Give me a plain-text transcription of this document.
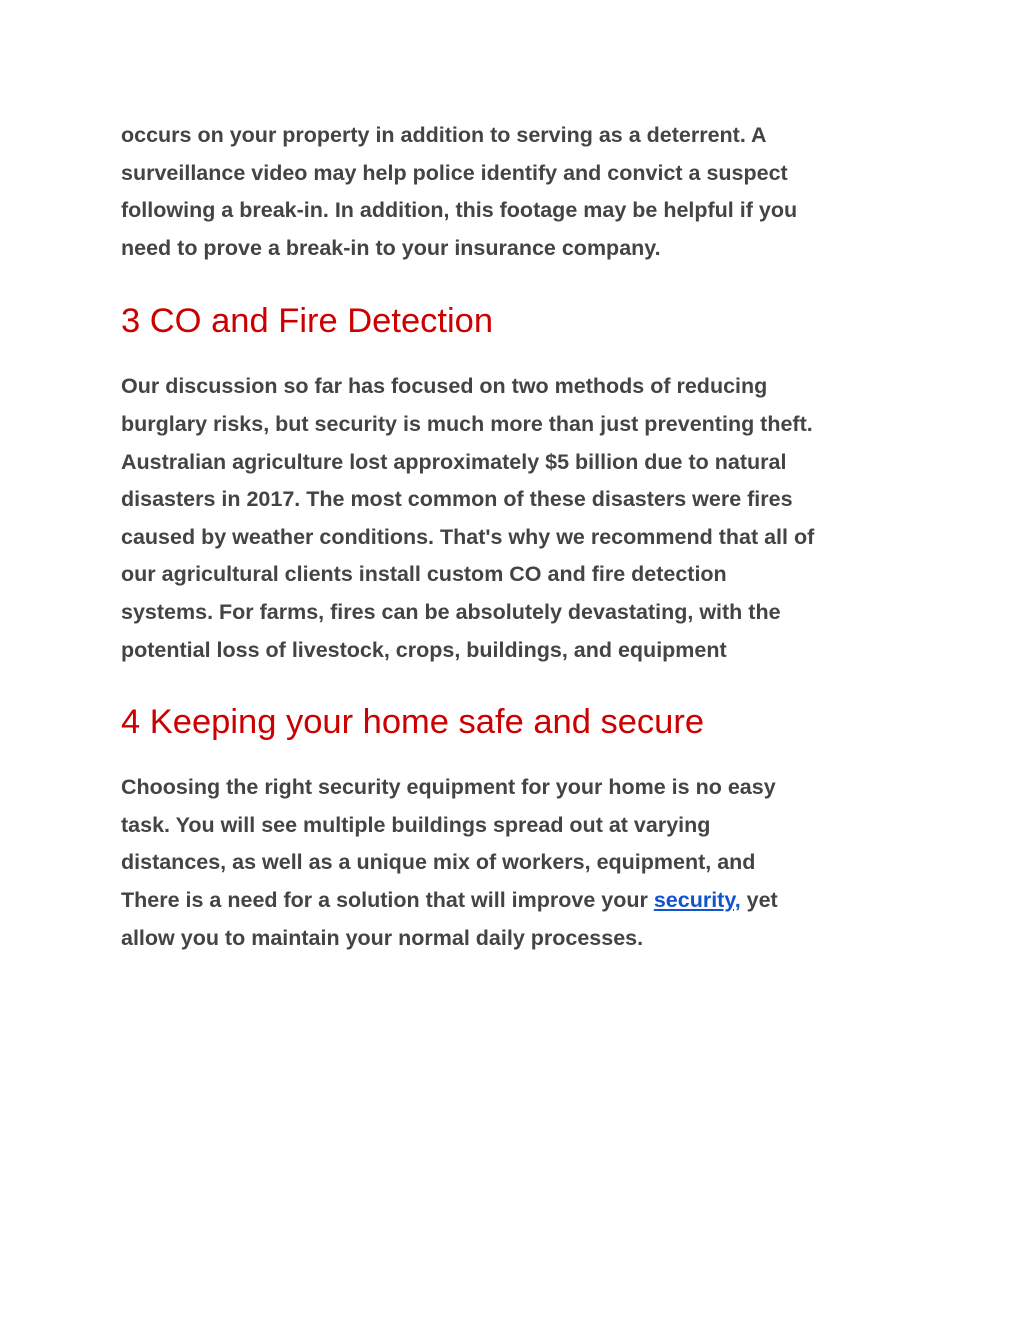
occurs on your property in addition to serving as a deterrent. A
surveillance video may help police identify and convict a suspect
following a break-in. In addition, this footage may be helpful if you
need to prove a break-in to your insurance company.

3 CO and Fire Detection

Our discussion so far has focused on two methods of reducing
burglary risks, but security is much more than just preventing theft.
Australian agriculture lost approximately $5 billion due to natural
disasters in 2017. The most common of these disasters were fires
caused by weather conditions. That's why we recommend that all of
our agricultural clients install custom CO and fire detection
systems. For farms, fires can be absolutely devastating, with the
potential loss of livestock, crops, buildings, and equipment

4 Keeping your home safe and secure

Choosing the right security equipment for your home is no easy
task. You will see multiple buildings spread out at varying
distances, as well as a unique mix of workers, equipment, and
There is a need for a solution that will improve your security, yet
allow you to maintain your normal daily processes.
